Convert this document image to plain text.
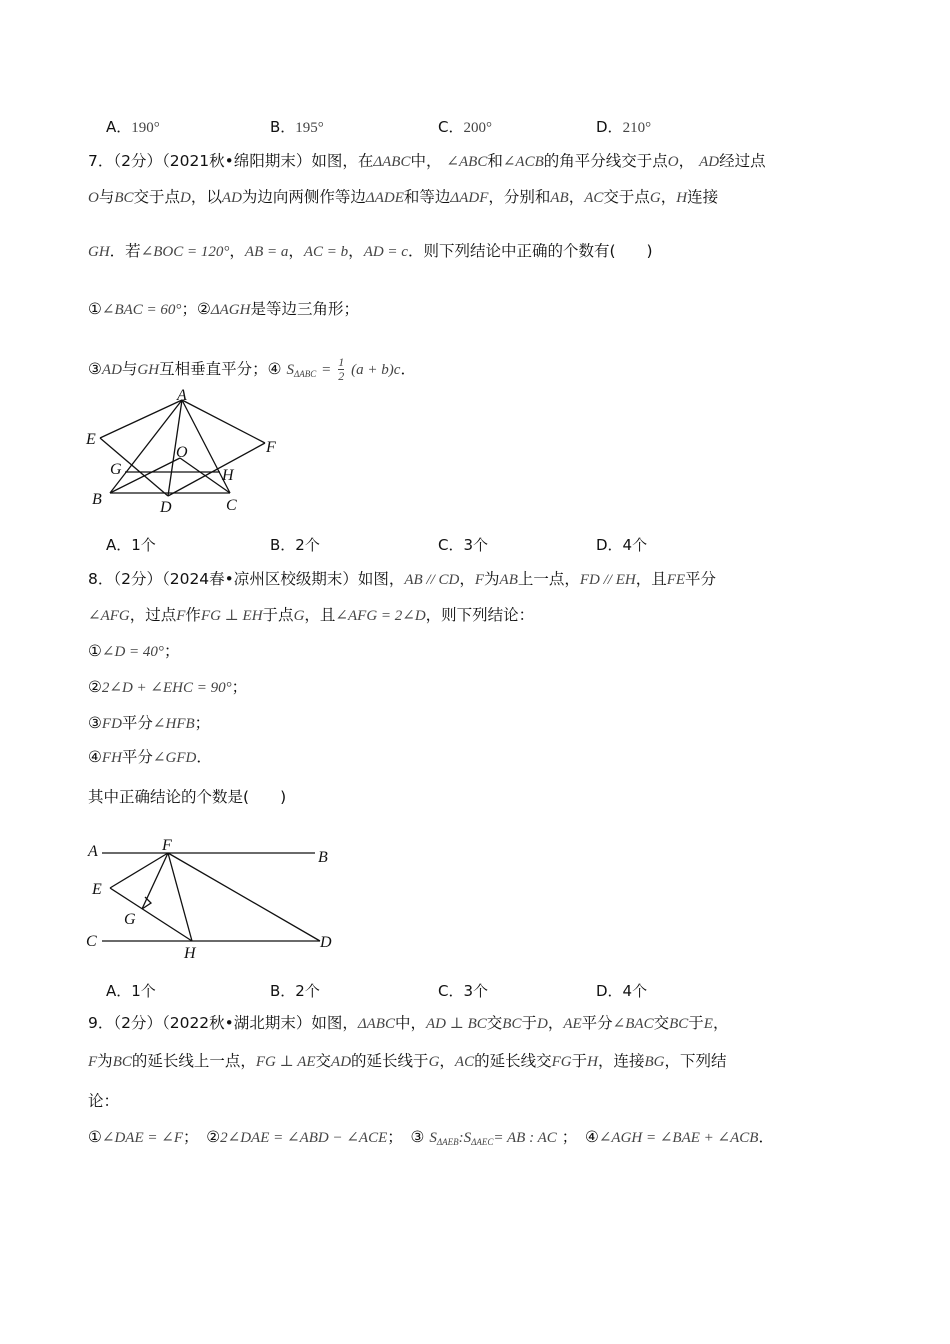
A．190°	B．195°	C．200°	D．210°
7．（2分）（2021秋•绵阳期末）如图，在ΔABC中， ∠ABC和∠ACB的角平分线交于点O， AD经过点
O与BC交于点D，以AD为边向两侧作等边ΔADE和等边ΔADF，分别和AB，AC交于点G，H连接
GH．若∠BOC = 120°，AB = a，AC = b，AD = c．则下列结论中正确的个数有(　　)
①∠BAC = 60°；②ΔAGH是等边三角形；
③AD与GH互相垂直平分；④ $S_{\Delta ABC} = \frac{1}{2} (a + b)c$．
A
E	F
O
G	H
B	D	C
A．1个	B．2个	C．3个	D．4个
8．（2分）（2024春•凉州区校级期末）如图，AB // CD，F为AB上一点，FD // EH，且FE平分
∠AFG，过点F作FG ⊥ EH于点G，且∠AFG = 2∠D，则下列结论：
①∠D = 40°；
②2∠D + ∠EHC = 90°；
③FD平分∠HFB；
④FH平分∠GFD．
其中正确结论的个数是(　　)
A	F
B
E
G
C
H
D
A．1个	B．2个	C．3个	D．4个
9．（2分）（2022秋•湖北期末）如图，ΔABC中，AD ⊥ BC交BC于D，AE平分∠BAC交BC于E，
F为BC的延长线上一点，FG ⊥ AE交AD的延长线于G，AC的延长线交FG于H，连接BG，下列结
论：
①∠DAE = ∠F；　②2∠DAE = ∠ABD − ∠ACE；　③ $S_{\Delta AEB}:S_{\Delta AEC}=$ AB : AC ；　④∠AGH = ∠BAE + ∠ACB．
